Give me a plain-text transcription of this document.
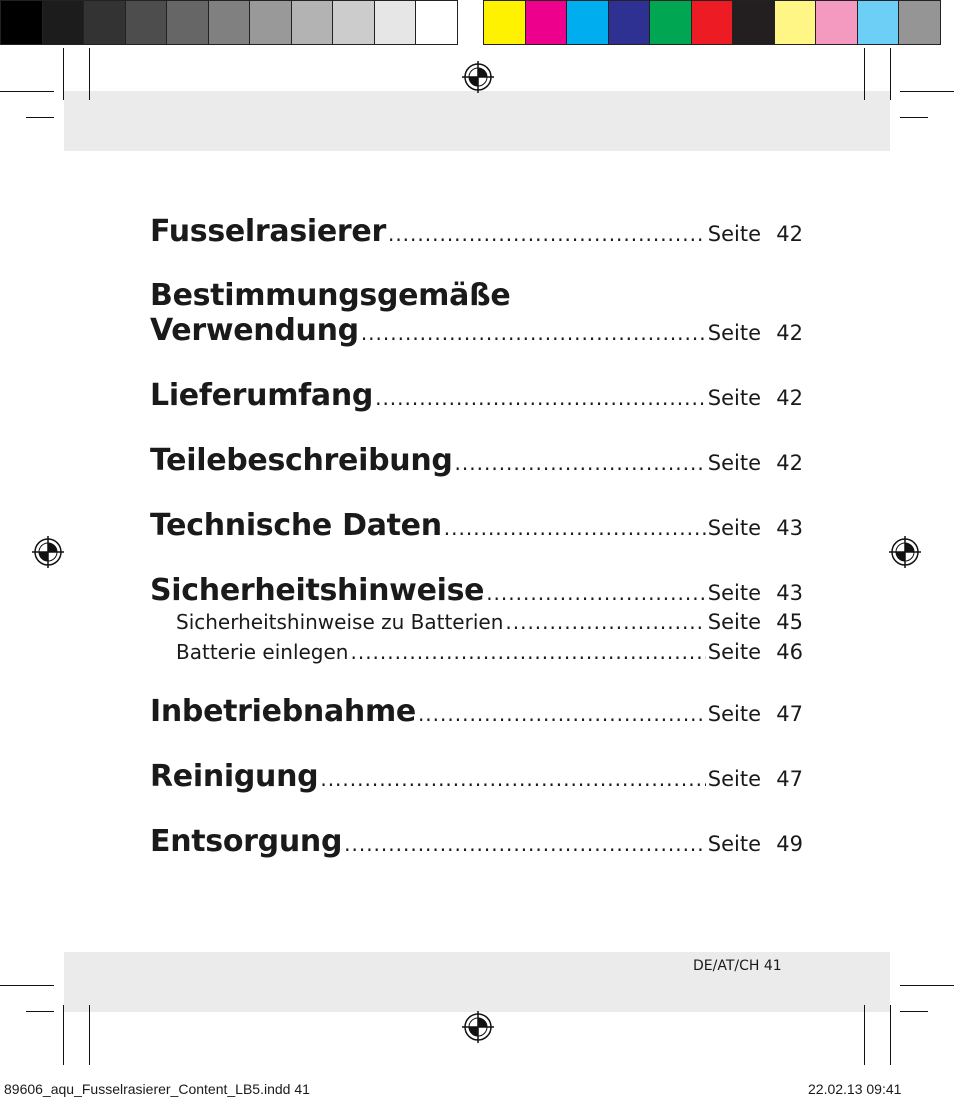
Fusselrasierer .....	Seite 42
Bestimmungsgemäße
Verwendung .....	Seite 42
Lieferumfang .....	Seite 42
Teilebeschreibung .....	Seite 42
Technische Daten .....	Seite 43
Sicherheitshinweise .....	Seite 43
Sicherheitshinweise zu Batterien .....	Seite 45
Batterie einlegen .....	Seite 46
Inbetriebnahme .....	Seite 47
Reinigung .....	Seite 47
Entsorgung .....	Seite 49
DE/AT/CH 41
89606_aqu_Fusselrasierer_Content_LB5.indd 41	22.02.13 09:41
